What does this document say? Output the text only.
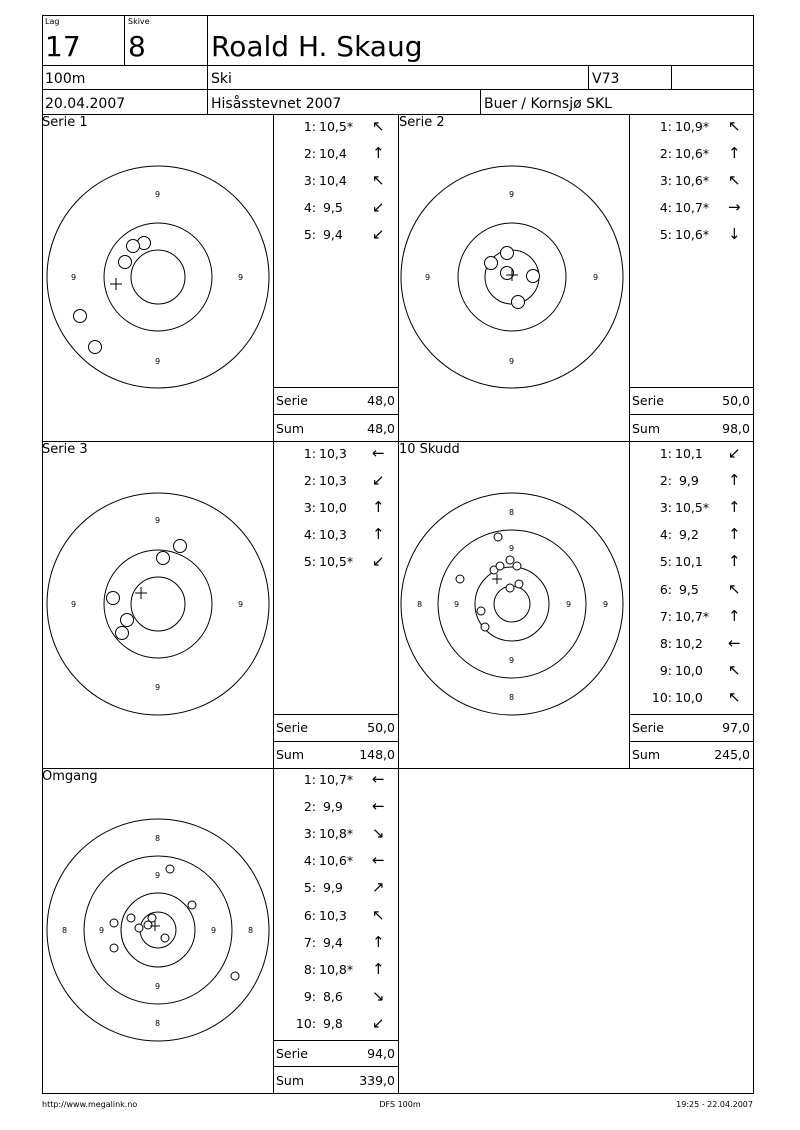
Lag
17
Skive
8 Roald H. Skaug
100m	Ski	V73
20.04.2007	Hisåsstevnet 2007	Buer / Kornsjø SKL
Serie 1
9
9	9
9
1: 10,5* ↖
2: 10,4 ↑
3: 10,4 ↖
4: 9,5 ↙
5: 9,4 ↙
Serie	48,0
Sum	48,0
Serie 2
9
9	9
9
1: 10,9* ↖
2: 10,6* ↑
3: 10,6* ↖
4: 10,7* →
5: 10,6* ↓
Serie	50,0
Sum	98,0
Serie 3
9
9	9
9
1: 10,3 ←
2: 10,3 ↙
3: 10,0 ↑
4: 10,3 ↑
5: 10,5* ↙
Serie	50,0
Sum	148,0
10 Skudd
8
9
9
8	9	9
9
8
1: 10,1 ↙
2: 9,9 ↑
3: 10,5* ↑
4: 9,2 ↑
5: 10,1 ↑
6: 9,5 ↖
7: 10,7* ↑
8: 10,2 ←
9: 10,0 ↖
10: 10,0 ↖
Serie	97,0
Sum	245,0
Omgang
8
9
8	9	9	8
9
8
1: 10,7* ←
2: 9,9 ←
3: 10,8* ↘
4: 10,6* ←
5: 9,9 ↗
6: 10,3 ↖
7: 9,4 ↑
8: 10,8* ↑
9: 8,6 ↘
10: 9,8 ↙
Serie	94,0
Sum	339,0
http://www.megalink.no	DFS 100m	19:25 - 22.04.2007
